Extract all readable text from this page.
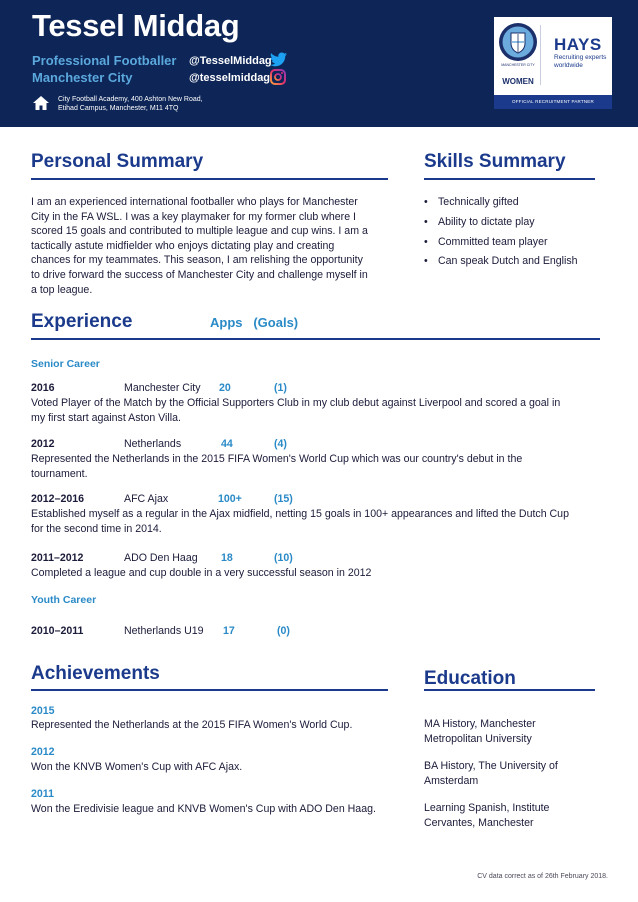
Tessel Middag
Professional Footballer
Manchester City
@TesselMiddag
@tesselmiddag
City Football Academy, 400 Ashton New Road,
Etihad Campus, Manchester, M11 4TQ
MANCHESTER CITY
WOMEN
HAYS
Recruiting experts
worldwide
OFFICIAL RECRUITMENT PARTNER
Personal Summary
I am an experienced international footballer who plays for Manchester
City in the FA WSL. I was a key playmaker for my former club where I
scored 15 goals and contributed to multiple league and cup wins. I am a
tactically astute midfielder who enjoys dictating play and creating
chances for my teammates. This season, I am relishing the opportunity
to drive forward the success of Manchester City and challenge myself in
a top league.
Skills Summary
• Technically gifted
• Ability to dictate play
• Committed team player
• Can speak Dutch and English
Experience	Apps (Goals)
Senior Career
2016	Manchester City 20	(1)
Voted Player of the Match by the Official Supporters Club in my club debut against Liverpool and scored a goal in
my first start against Aston Villa.
2012	Netherlands	44	(4)
Represented the Netherlands in the 2015 FIFA Women's World Cup which was our country's debut in the
tournament.
2012–2016	AFC Ajax	100+	(15)
Established myself as a regular in the Ajax midfield, netting 15 goals in 100+ appearances and lifted the Dutch Cup
for the second time in 2014.
2011–2012	ADO Den Haag 18	(10)
Completed a league and cup double in a very successful season in 2012
Youth Career
2010–2011	Netherlands U19 17	(0)
Achievements
2015
Represented the Netherlands at the 2015 FIFA Women's World Cup.
2012
Won the KNVB Women's Cup with AFC Ajax.
2011
Won the Eredivisie league and KNVB Women's Cup with ADO Den Haag.
Education
MA History, Manchester
Metropolitan University
BA History, The University of
Amsterdam
Learning Spanish, Institute
Cervantes, Manchester
CV data correct as of 26th February 2018.
